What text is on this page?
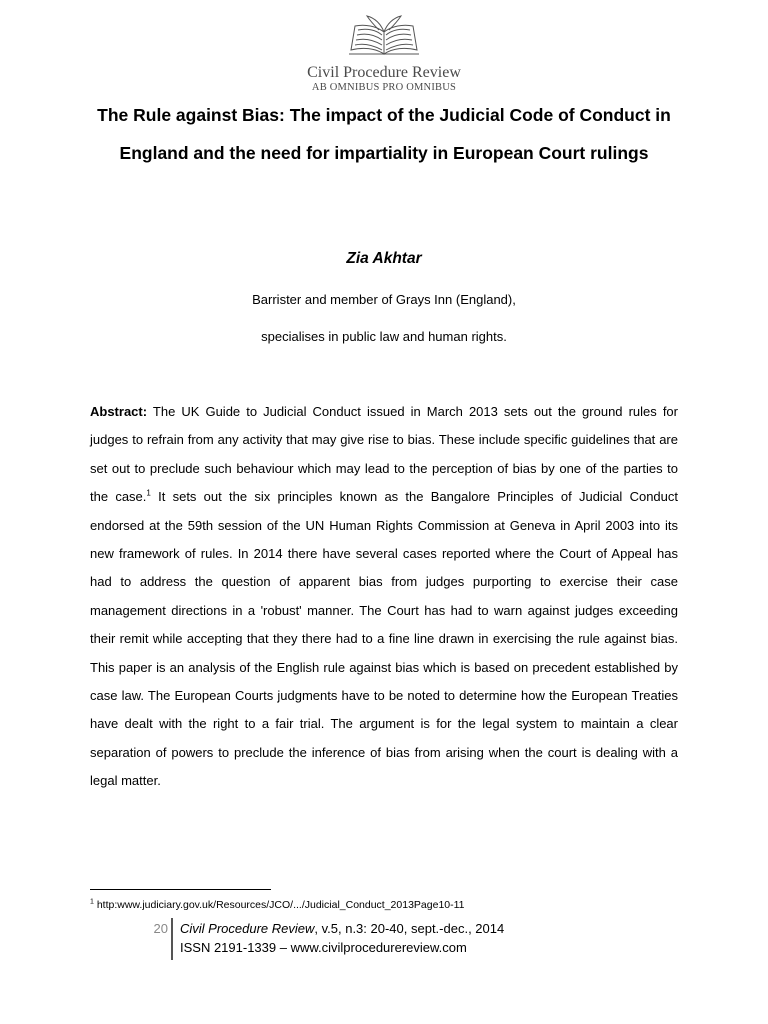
Civil Procedure Review
AB OMNIBUS PRO OMNIBUS
The Rule against Bias: The impact of the Judicial Code of Conduct in
England and the need for impartiality in European Court rulings

Zia Akhtar

Barrister and member of Grays Inn (England),

specialises in public law and human rights.

Abstract: The UK Guide to Judicial Conduct issued in March 2013 sets out the ground rules for judges to refrain from any activity that may give rise to bias. These include specific guidelines that are set out to preclude such behaviour which may lead to the perception of bias by one of the parties to the case.$^1$ It sets out the six principles known as the Bangalore Principles of Judicial Conduct endorsed at the 59th session of the UN Human Rights Commission at Geneva in April 2003 into its new framework of rules. In 2014 there have several cases reported where the Court of Appeal has had to address the question of apparent bias from judges purporting to exercise their case management directions in a 'robust' manner. The Court has had to warn against judges exceeding their remit while accepting that they there had to a fine line drawn in exercising the rule against bias. This paper is an analysis of the English rule against bias which is based on precedent established by case law. The European Courts judgments have to be noted to determine how the European Treaties have dealt with the right to a fair trial. The argument is for the legal system to maintain a clear separation of powers to preclude the inference of bias from arising when the court is dealing with a legal matter.

$^1$ http:www.judiciary.gov.uk/Resources/JCO/.../Judicial_Conduct_2013Page10-11

20 Civil Procedure Review, v.5, n.3: 20-40, sept.-dec., 2014

ISSN 2191-1339 – www.civilprocedurereview.com
